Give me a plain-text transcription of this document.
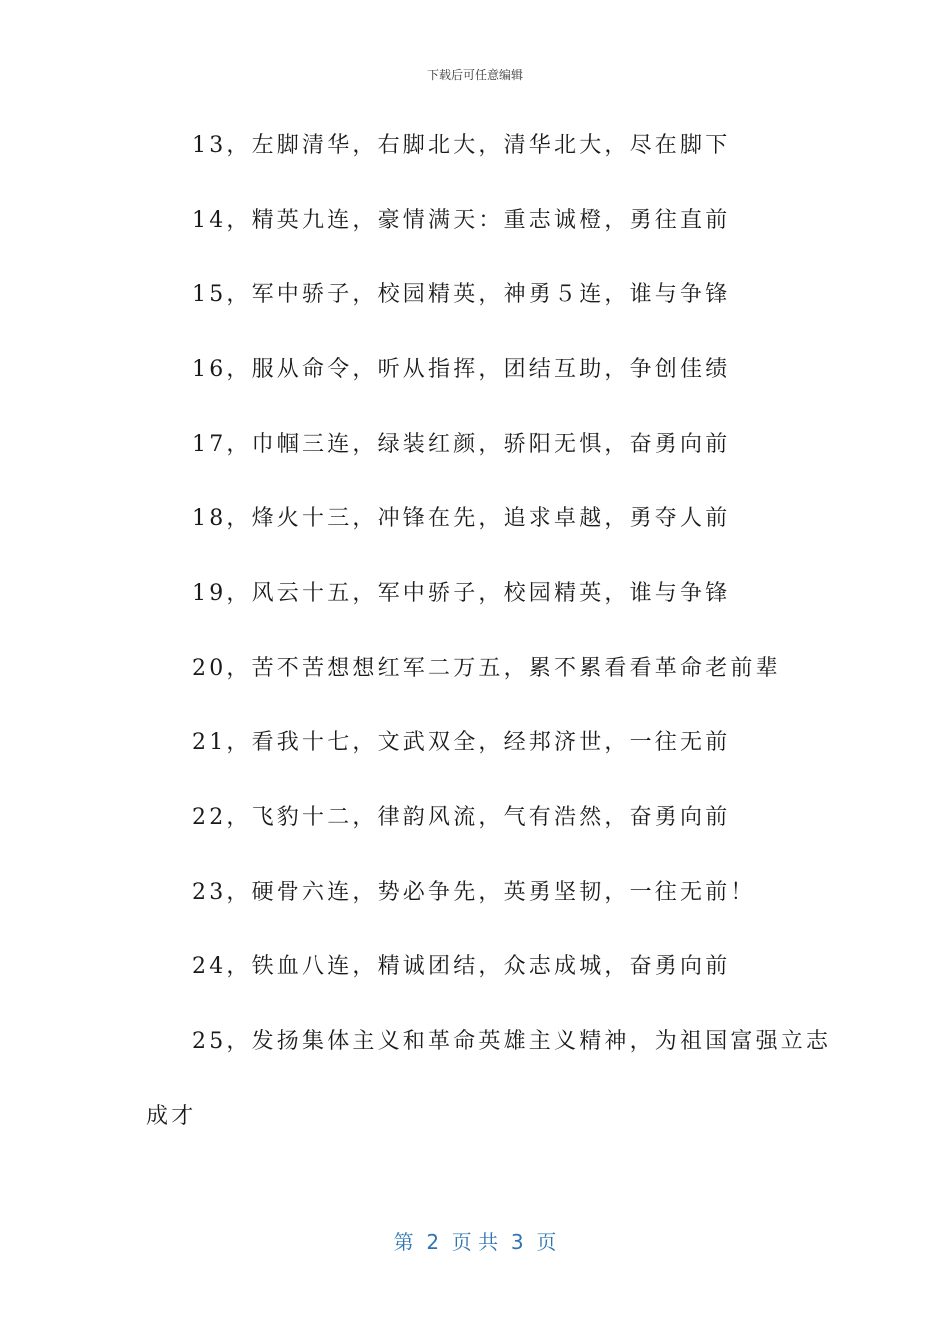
下载后可任意编辑
13，左脚清华，右脚北大，清华北大，尽在脚下
14，精英九连，豪情满天：重志诚橙，勇往直前
15，军中骄子，校园精英，神勇５连，谁与争锋
16，服从命令，听从指挥，团结互助，争创佳绩
17，巾帼三连，绿装红颜，骄阳无惧，奋勇向前
18，烽火十三，冲锋在先，追求卓越，勇夺人前
19，风云十五，军中骄子，校园精英，谁与争锋
20，苦不苦想想红军二万五，累不累看看革命老前辈
21，看我十七，文武双全，经邦济世，一往无前
22，飞豹十二，律韵风流，气有浩然，奋勇向前
23，硬骨六连，势必争先，英勇坚韧，一往无前！
24，铁血八连，精诚团结，众志成城，奋勇向前
25，发扬集体主义和革命英雄主义精神，为祖国富强立志
成才
第  2  页 共  3  页
